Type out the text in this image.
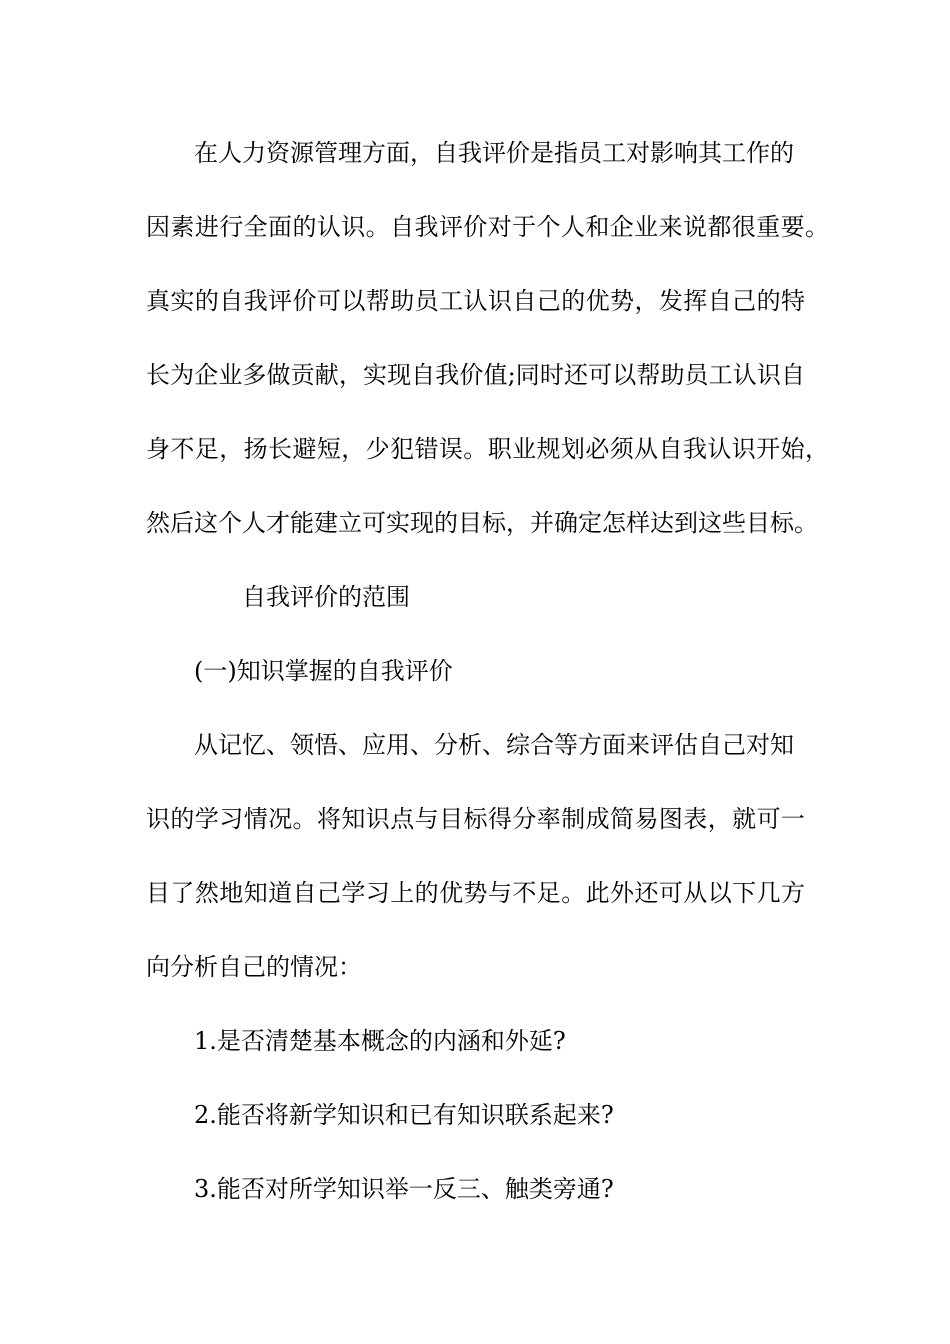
在人力资源管理方面，自我评价是指员工对影响其工作的
因素进行全面的认识。自我评价对于个人和企业来说都很重要。
真实的自我评价可以帮助员工认识自己的优势，发挥自己的特
长为企业多做贡献，实现自我价值;同时还可以帮助员工认识自
身不足，扬长避短，少犯错误。职业规划必须从自我认识开始，
然后这个人才能建立可实现的目标，并确定怎样达到这些目标。
自我评价的范围
(一)知识掌握的自我评价
从记忆、领悟、应用、分析、综合等方面来评估自己对知
识的学习情况。将知识点与目标得分率制成简易图表，就可一
目了然地知道自己学习上的优势与不足。此外还可从以下几方
向分析自己的情况：
1.是否清楚基本概念的内涵和外延?
2.能否将新学知识和已有知识联系起来?
3.能否对所学知识举一反三、触类旁通?
